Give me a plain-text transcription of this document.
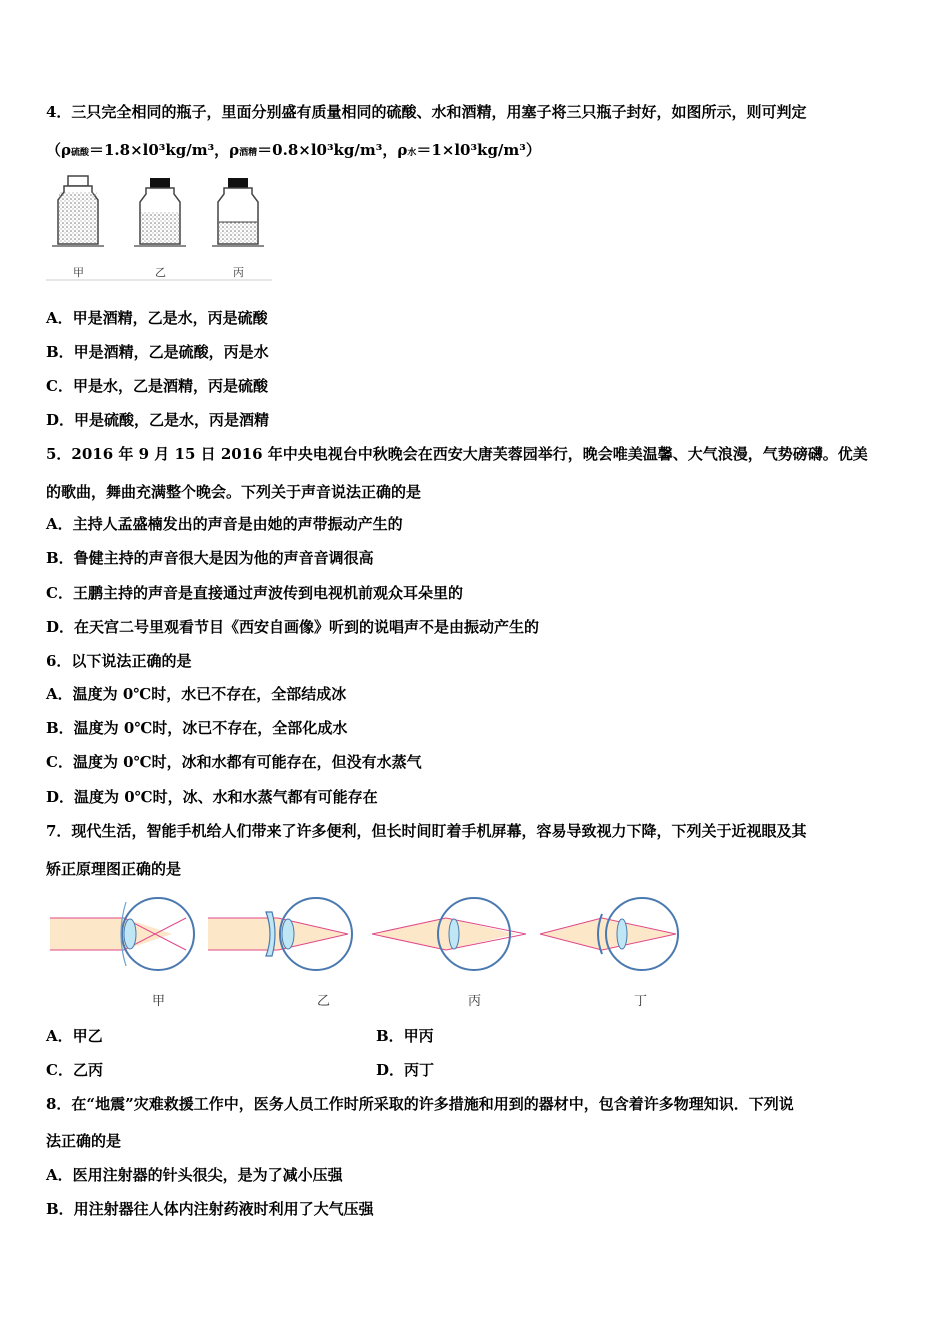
4．三只完全相同的瓶子，里面分别盛有质量相同的硫酸、水和酒精，用塞子将三只瓶子封好，如图所示，则可判定
（ρ硫酸＝1.8×l0³kg/m³，ρ酒精＝0.8×l0³kg/m³，ρ水＝1×l0³kg/m³）
甲	乙	丙
A．甲是酒精，乙是水，丙是硫酸
B．甲是酒精，乙是硫酸，丙是水
C．甲是水，乙是酒精，丙是硫酸
D．甲是硫酸，乙是水，丙是酒精
5．2016 年 9 月 15 日 2016 年中央电视台中秋晚会在西安大唐芙蓉园举行，晚会唯美温馨、大气浪漫，气势磅礴。优美
的歌曲，舞曲充满整个晚会。下列关于声音说法正确的是
A．主持人孟盛楠发出的声音是由她的声带振动产生的
B．鲁健主持的声音很大是因为他的声音音调很高
C．王鹏主持的声音是直接通过声波传到电视机前观众耳朵里的
D．在天宫二号里观看节目《西安自画像》听到的说唱声不是由振动产生的
6．以下说法正确的是
A．温度为 0℃时，水已不存在，全部结成冰
B．温度为 0℃时，冰已不存在，全部化成水
C．温度为 0℃时，冰和水都有可能存在，但没有水蒸气
D．温度为 0℃时，冰、水和水蒸气都有可能存在
7．现代生活，智能手机给人们带来了许多便利，但长时间盯着手机屏幕，容易导致视力下降，下列关于近视眼及其
矫正原理图正确的是
甲	乙	丙	丁
A．甲乙	B．甲丙
C．乙丙	D．丙丁
8．在“地震”灾难救援工作中，医务人员工作时所采取的许多措施和用到的器材中，包含着许多物理知识．下列说
法正确的是
A．医用注射器的针头很尖，是为了减小压强
B．用注射器往人体内注射药液时利用了大气压强
